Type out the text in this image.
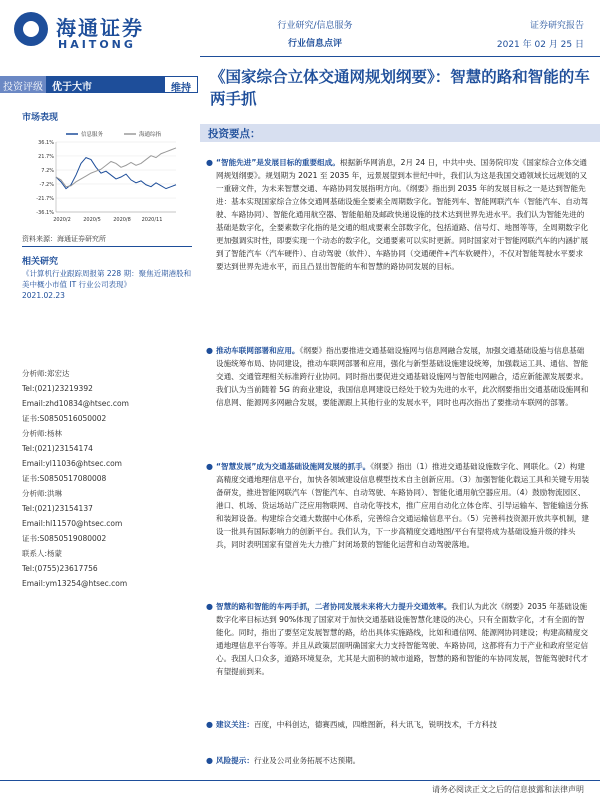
海通证券
HAITONG
行业研究/信息服务
行业信息点评
证券研究报告
2021 年 02 月 25 日
投资评级 优于大市	维持
市场表现
信息服务	海通综指
36.1%
21.7%
7.2%
-7.2%
-21.7%
-36.1%
2020/2 2020/5 2020/8 2020/11
资料来源：海通证券研究所
相关研究
《计算机行业跟踪周报第 228 期：聚焦近期港股和美中概小市值 IT 行业公司表现》
2021.02.23
分析师:郑宏达
Tel:(021)23219392
Email:zhd10834@htsec.com
证书:S0850516050002
分析师:杨林
Tel:(021)23154174
Email:yl11036@htsec.com
证书:S0850517080008
分析师:洪琳
Tel:(021)23154137
Email:hl11570@htsec.com
证书:S0850519080002
联系人:杨蒙
Tel:(0755)23617756
Email:ym13254@htsec.com
《国家综合立体交通网规划纲要》：智慧的路和智能的车两手抓
投资要点：
● “智能先进”是发展目标的重要组成。根据新华网消息，2月 24 日，中共中央、国务院印发《国家综合立体交通网规划纲要》。规划期为 2021 至 2035 年，远景展望到本世纪中叶，我们认为这是我国交通领域长远规划的又一重磅文件，为未来智慧交通、车路协同发展指明方向。《纲要》指出到 2035 年的发展目标之一是达到智能先进：基本实现国家综合立体交通网基础设施全要素全周期数字化。智能列车、智能网联汽车（智能汽车、自动驾驶、车路协同）、智能化通用航空器、智能船舶及邮政快递设施的技术达到世界先进水平。我们认为智能先进的基础是数字化，全要素数字化指的是交通的组成要素全部数字化，包括道路、信号灯、地图等等，全周期数字化更加强调实时性，即要实现一个动态的数字化，交通要素可以实时更新。同时国家对于智能网联汽车的内涵扩展到了智能汽车（汽车硬件）、自动驾驶（软件）、车路协同（交通硬件+汽车软硬件），不仅对智能驾驶水平要求要达到世界先进水平，而且凸显出智能的车和智慧的路协同发展的目标。
● 推动车联网部署和应用。《纲要》指出要推进交通基础设施网与信息网融合发展，加强交通基础设施与信息基础设施统筹布局、协同建设，推动车联网部署和应用，强化与新型基础设施建设统筹，加强载运工具、通信、智能交通、交通管理相关标准跨行业协同。同时指出要促进交通基础设施网与智能电网融合，适应新能源发展要求。我们认为当前随着 5G 的商业建设，我国信息网建设已经处于较为先进的水平，此次纲要指出交通基础设施网和信息网、能源网多网融合发展，要能源跟上其他行业的发展水平，同时也再次指出了要推动车联网的部署。
● “智慧发展”成为交通基础设施网发展的抓手。《纲要》指出（1）推进交通基础设施数字化、网联化。（2）构建高精度交通地理信息平台，加快各领域建设信息模型技术自主创新应用。（3）加强智能化载运工具和关键专用装备研发，推进智能网联汽车（智能汽车、自动驾驶、车路协同）、智能化通用航空器应用。（4）鼓励物流园区、港口、机场、货运场站广泛应用物联网、自动化等技术，推广应用自动化立体仓库、引导运输车、智能输送分拣和装卸设备。构建综合交通大数据中心体系，完善综合交通运输信息平台。（5）完善科技资源开放共享机制，建设一批具有国际影响力的创新平台。我们认为，下一步高精度交通地图/平台有望将成为基础设施升级的排头兵，同时表明国家有望首先大力推广封闭场景的智能化运营和自动驾驶落地。
● 智慧的路和智能的车两手抓，二者协同发展未来将大力提升交通效率。我们认为此次《纲要》2035 年基础设施数字化率目标达到 90%体现了国家对于加快交通基础设施智慧化建设的决心，只有全面数字化，才有全面的智能化。同时，指出了要坚定发展智慧的路，给出具体实施路线，比如和通信网、能源网协同建设；构建高精度交通地理信息平台等等。并且从政策层面明确国家大力支持智能驾驶、车路协同，这都将有力于产业和政府坚定信心。我国人口众多，道路环境复杂，尤其是大面积的城市道路，智慧的路和智能的车协同发展，智能驾驶时代才有望提前到来。
● 建议关注：百度，中科创达，德赛西威，四维图新，科大讯飞，锐明技术，千方科技
● 风险提示：行业及公司业务拓展不达预期。
请务必阅读正文之后的信息披露和法律声明
